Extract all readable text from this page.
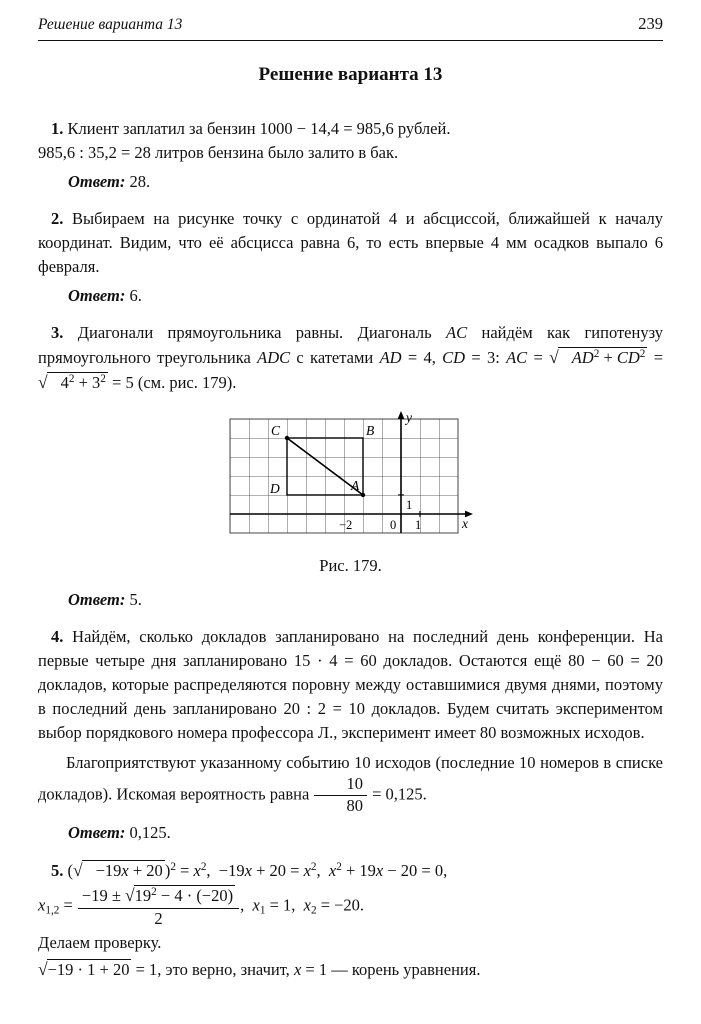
Решение варианта 13	239
Решение варианта 13

1. Клиент заплатил за бензин 1000 − 14,4 = 985,6 рублей.
985,6 : 35,2 = 28 литров бензина было залито в бак.

Ответ: 28.

2. Выбираем на рисунке точку с ординатой 4 и абсциссой, ближайшей к началу координат. Видим, что её абсцисса равна 6, то есть впервые 4 мм осадков выпало 6 февраля.

Ответ: 6.

3. Диагонали прямоугольника равны. Диагональ AC найдём как гипотенузу прямоугольного треугольника ADC с катетами AD = 4, CD = 3: AC = √ $AD^2 + CD^2$ = √ $4^2 + 3^2 = 5$ (см. рис. 179).

C	B
D	A
y
x
−2	0 1
1
Рис. 179.

Ответ: 5.

4. Найдём, сколько докладов запланировано на последний день конференции. На первые четыре дня запланировано 15 · 4 = 60 докладов. Остаются ещё 80 − 60 = 20 докладов, которые распределяются поровну между оставшимися двумя днями, поэтому в последний день запланировано 20 : 2 = 10 докладов. Будем считать экспериментом выбор порядкового номера профессора Л., эксперимент имеет 80 возможных исходов.

Благоприятствуют указанному событию 10 исходов (последние 10 номеров в списке докладов). Искомая вероятность равна $\frac{10}{80} = 0,125$.

Ответ: 0,125.

5. (√ −19x + 20 )$^2 = x^2$, $-19x + 20 = x^2$, $x^2 + 19x - 20 = 0$,

$x_{1,2} = \frac{-19 \pm √19^2 - 4 \cdot (-20)}{2}$ , $x_1 = 1$, $x_2 = -20$.

Делаем проверку.

√−19 · 1 + 20 = 1, это верно, значит, x = 1 — корень уравнения.
